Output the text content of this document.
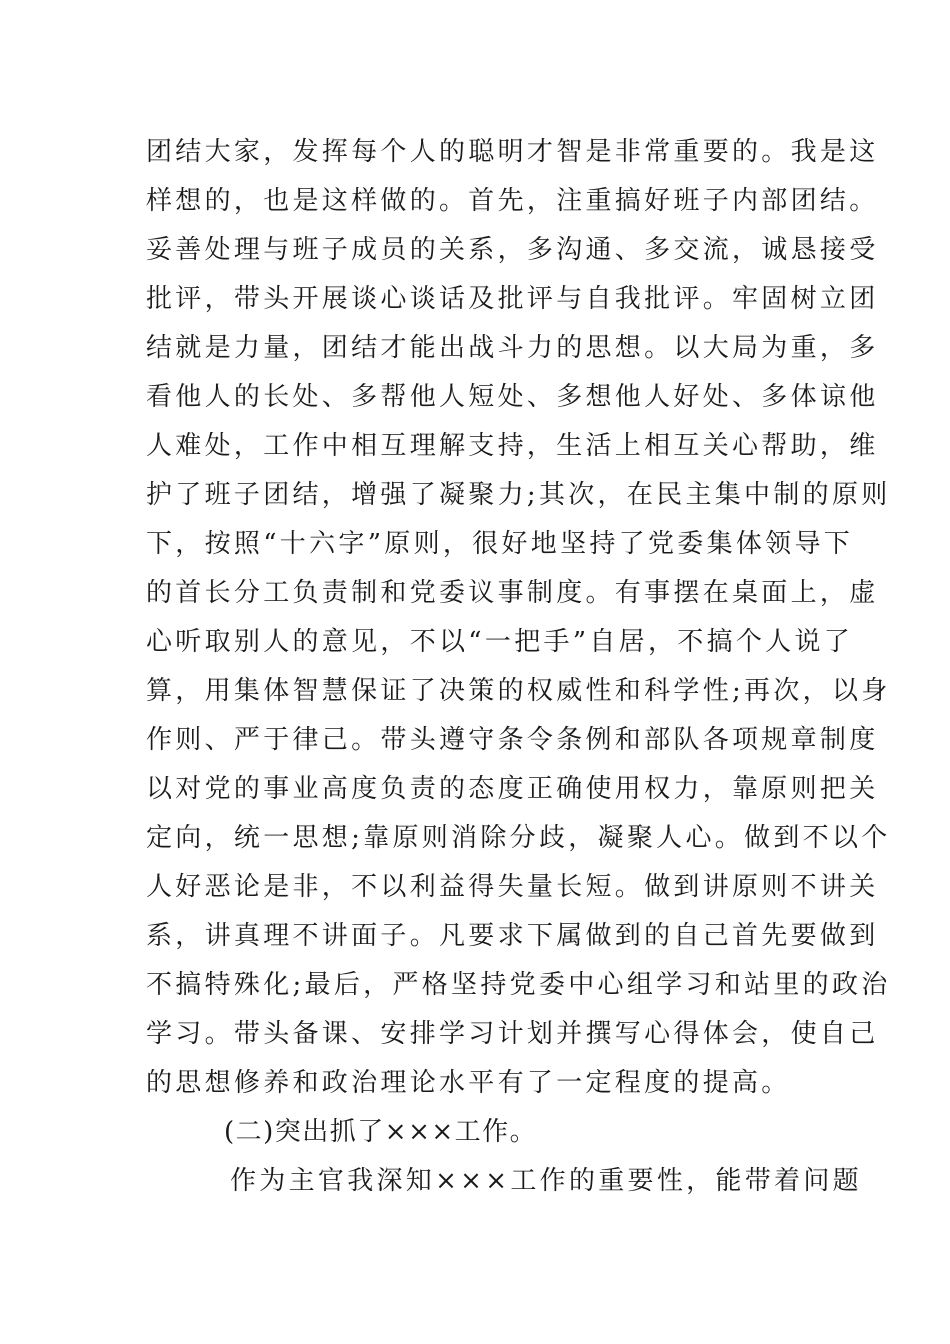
团结大家，发挥每个人的聪明才智是非常重要的。我是这
样想的，也是这样做的。首先，注重搞好班子内部团结。
妥善处理与班子成员的关系，多沟通、多交流，诚恳接受
批评，带头开展谈心谈话及批评与自我批评。牢固树立团
结就是力量，团结才能出战斗力的思想。以大局为重，多
看他人的长处、多帮他人短处、多想他人好处、多体谅他
人难处，工作中相互理解支持，生活上相互关心帮助，维
护了班子团结，增强了凝聚力;其次，在民主集中制的原则
下，按照“十六字”原则，很好地坚持了党委集体领导下
的首长分工负责制和党委议事制度。有事摆在桌面上，虚
心听取别人的意见，不以“一把手”自居，不搞个人说了
算，用集体智慧保证了决策的权威性和科学性;再次，以身
作则、严于律己。带头遵守条令条例和部队各项规章制度
以对党的事业高度负责的态度正确使用权力，靠原则把关
定向，统一思想;靠原则消除分歧，凝聚人心。做到不以个
人好恶论是非，不以利益得失量长短。做到讲原则不讲关
系，讲真理不讲面子。凡要求下属做到的自己首先要做到
不搞特殊化;最后，严格坚持党委中心组学习和站里的政治
学习。带头备课、安排学习计划并撰写心得体会，使自己
的思想修养和政治理论水平有了一定程度的提高。
(二)突出抓了×××工作。
作为主官我深知×××工作的重要性，能带着问题
